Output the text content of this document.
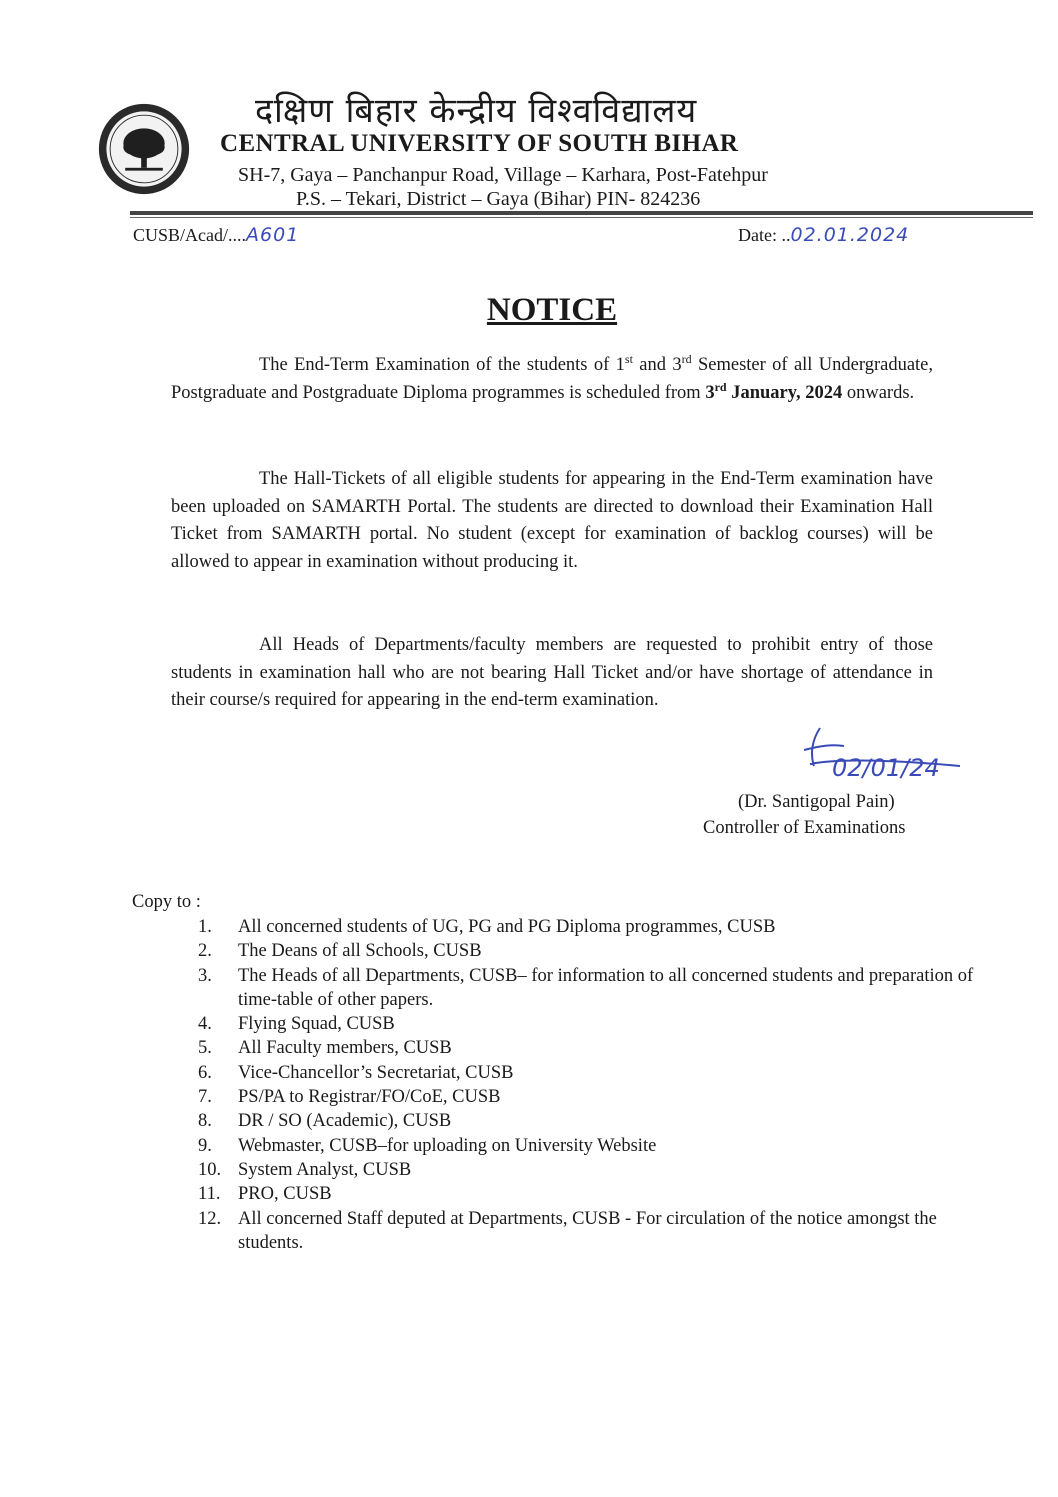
दक्षिण बिहार केन्द्रीय विश्वविद्यालय
CENTRAL UNIVERSITY OF SOUTH BIHAR
SH-7, Gaya – Panchanpur Road, Village – Karhara, Post-Fatehpur
P.S. – Tekari, District – Gaya (Bihar) PIN- 824236
CUSB/Acad/....A601	Date: ..02.01.2024
NOTICE
The End-Term Examination of the students of 1st and 3rd Semester of all Undergraduate, Postgraduate and Postgraduate Diploma programmes is scheduled from 3rd January, 2024 onwards.
The Hall-Tickets of all eligible students for appearing in the End-Term examination have been uploaded on SAMARTH Portal. The students are directed to download their Examination Hall Ticket from SAMARTH portal. No student (except for examination of backlog courses) will be allowed to appear in examination without producing it.
All Heads of Departments/faculty members are requested to prohibit entry of those students in examination hall who are not bearing Hall Ticket and/or have shortage of attendance in their course/s required for appearing in the end-term examination.
02/01/24
(Dr. Santigopal Pain)
Controller of Examinations
Copy to :
1.	All concerned students of UG, PG and PG Diploma programmes, CUSB
2.	The Deans of all Schools, CUSB
3.	The Heads of all Departments, CUSB– for information to all concerned students and preparation of time-table of other papers.
4.	Flying Squad, CUSB
5.	All Faculty members, CUSB
6.	Vice-Chancellor’s Secretariat, CUSB
7.	PS/PA to Registrar/FO/CoE, CUSB
8.	DR / SO (Academic), CUSB
9.	Webmaster, CUSB–for uploading on University Website
10. System Analyst, CUSB
11. PRO, CUSB
12. All concerned Staff deputed at Departments, CUSB - For circulation of the notice amongst the students.
